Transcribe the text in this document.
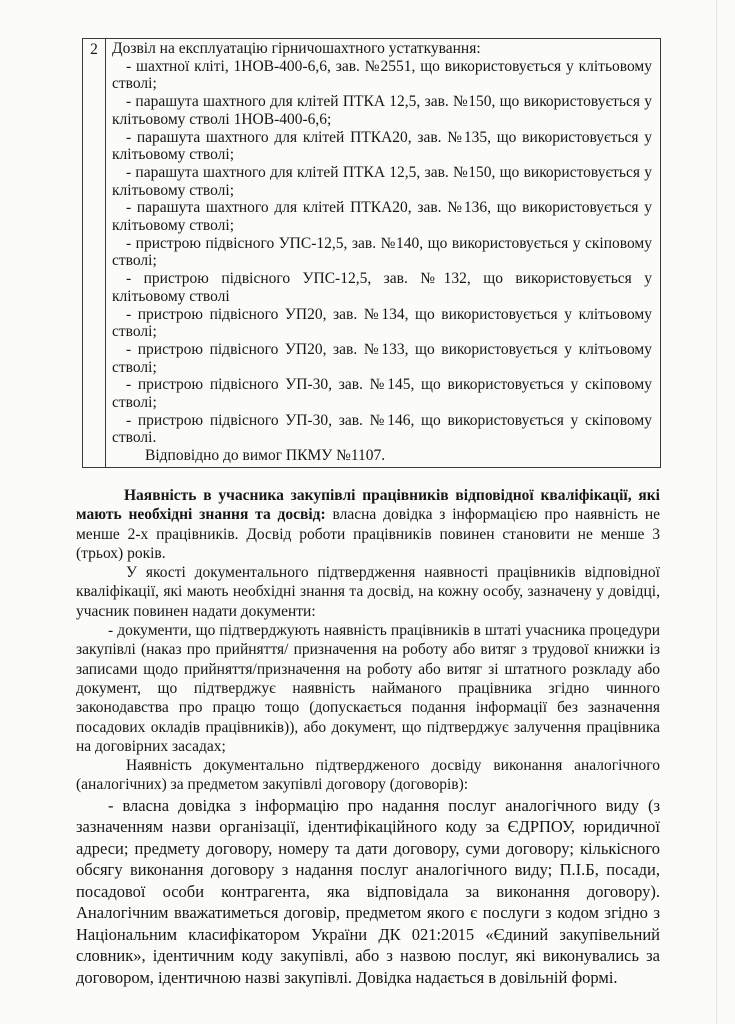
2	Дозвіл на експлуатацію гірничошахтного устаткування:

- шахтної кліті, 1НОВ-400-6,6, зав. №2551, що використовується у клітьовому стволі;

- парашута шахтного для клітей ПТКА 12,5, зав. №150, що використовується у клітьовому стволі 1НОВ-400-6,6;

- парашута шахтного для клітей ПТКА20, зав. №135, що використовується у клітьовому стволі;

- парашута шахтного для клітей ПТКА 12,5, зав. №150, що використовується у клітьовому стволі;

- парашута шахтного для клітей ПТКА20, зав. №136, що використовується у клітьовому стволі;

- пристрою підвісного УПС-12,5, зав. №140, що використовується у скіповому стволі;

- пристрою підвісного УПС-12,5, зав. №132, що використовується у клітьовому стволі

- пристрою підвісного УП20, зав. №134, що використовується у клітьовому стволі;

- пристрою підвісного УП20, зав. №133, що використовується у клітьовому стволі;

- пристрою підвісного УП-30, зав. №145, що використовується у скіповому стволі;

- пристрою підвісного УП-30, зав. №146, що використовується у скіповому стволі.

Відповідно до вимог ПКМУ №1107.

Наявність в учасника закупівлі працівників відповідної кваліфікації, які мають необхідні знання та досвід: власна довідка з інформацією про наявність не менше 2-х працівників. Досвід роботи працівників повинен становити не менше 3 (трьох) років.

У якості документального підтвердження наявності працівників відповідної кваліфікації, які мають необхідні знання та досвід, на кожну особу, зазначену у довідці, учасник повинен надати документи:

- документи, що підтверджують наявність працівників в штаті учасника процедури закупівлі (наказ про прийняття/ призначення на роботу або витяг з трудової книжки із записами щодо прийняття/призначення на роботу або витяг зі штатного розкладу або документ, що підтверджує наявність найманого працівника згідно чинного законодавства про працю тощо (допускається подання інформації без зазначення посадових окладів працівників)), або документ, що підтверджує залучення працівника на договірних засадах;

Наявність документально підтвердженого досвіду виконання аналогічного (аналогічних) за предметом закупівлі договору (договорів):

- власна довідка з інформацію про надання послуг аналогічного виду (з зазначенням назви організації, ідентифікаційного коду за ЄДРПОУ, юридичної адреси; предмету договору, номеру та дати договору, суми договору; кількісного обсягу виконання договору з надання послуг аналогічного виду; П.І.Б, посади, посадової особи контрагента, яка відповідала за виконання договору). Аналогічним вважатиметься договір, предметом якого є послуги з кодом згідно з Національним класифікатором України ДК 021:2015 «Єдиний закупівельний словник», ідентичним коду закупівлі, або з назвою послуг, які виконувались за договором, ідентичною назві закупівлі. Довідка надається в довільній формі.
